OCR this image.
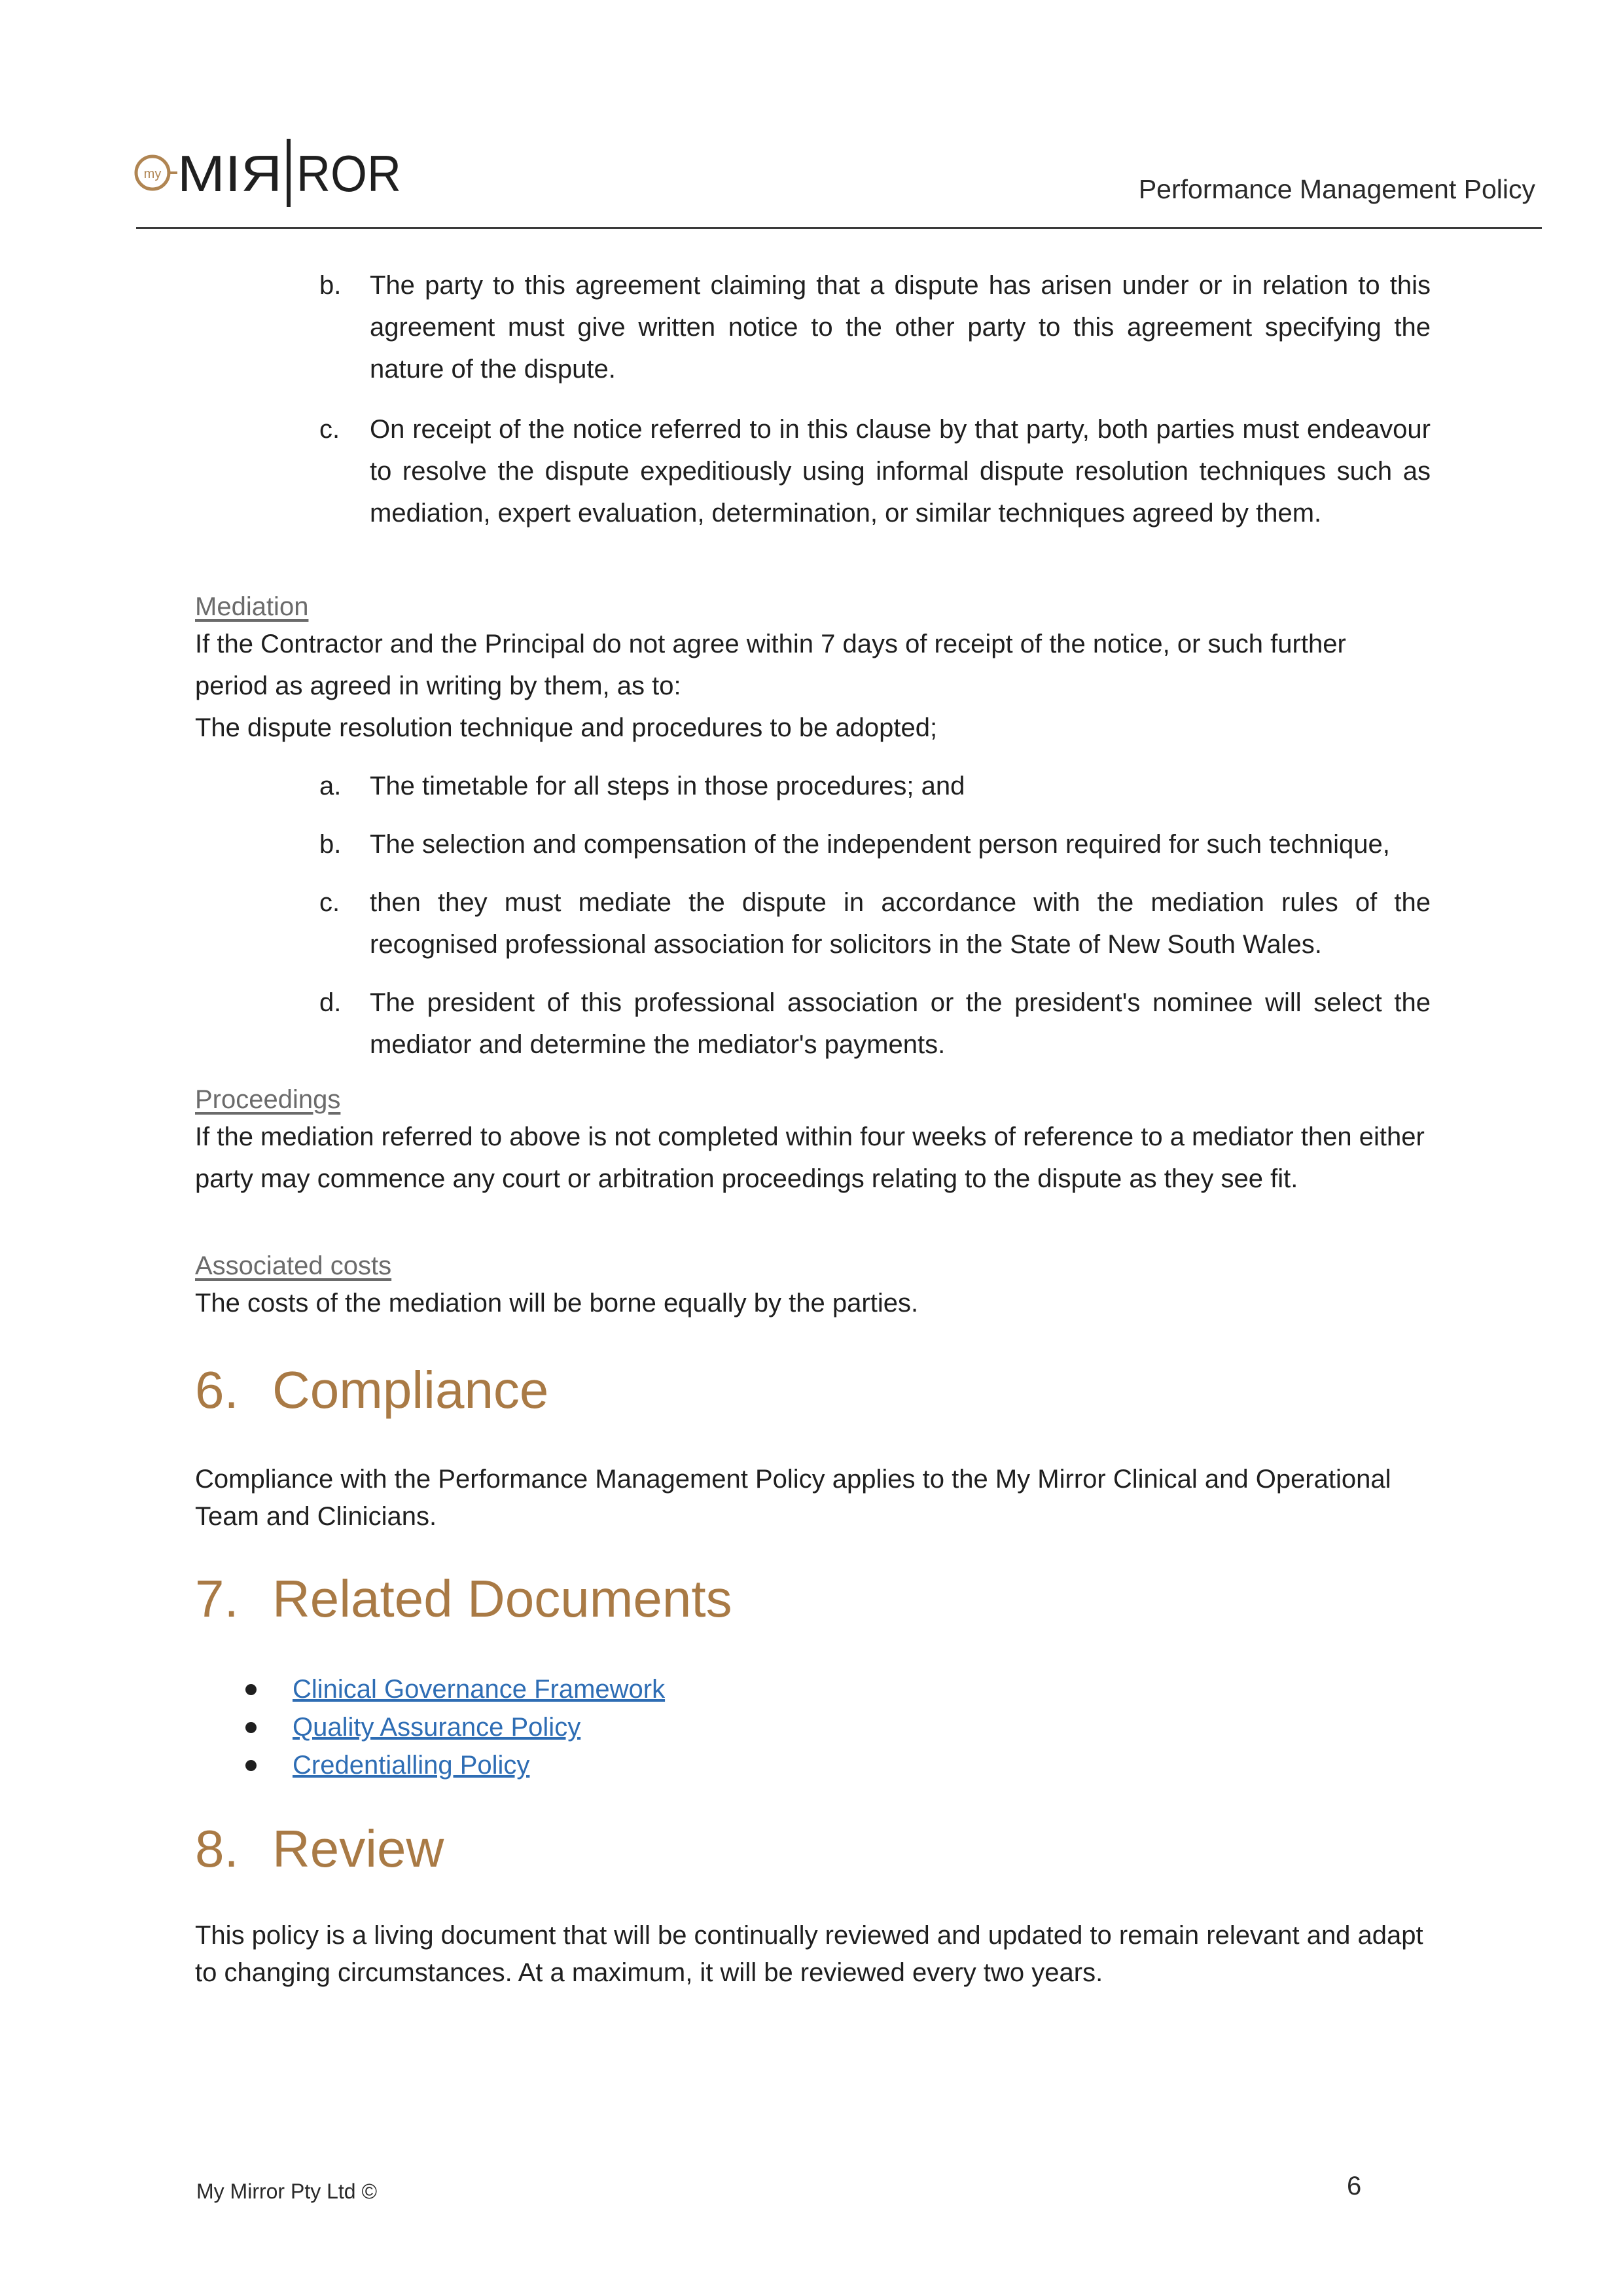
my MIЯ ROR	Performance Management Policy
b. The party to this agreement claiming that a dispute has arisen under or in relation to this agreement must give written notice to the other party to this agreement specifying the nature of the dispute.
c. On receipt of the notice referred to in this clause by that party, both parties must endeavour to resolve the dispute expeditiously using informal dispute resolution techniques such as mediation, expert evaluation, determination, or similar techniques agreed by them.
Mediation
If the Contractor and the Principal do not agree within 7 days of receipt of the notice, or such further period as agreed in writing by them, as to:
The dispute resolution technique and procedures to be adopted;
a. The timetable for all steps in those procedures; and
b. The selection and compensation of the independent person required for such technique,
c. then they must mediate the dispute in accordance with the mediation rules of the recognised professional association for solicitors in the State of New South Wales.
d. The president of this professional association or the president's nominee will select the mediator and determine the mediator's payments.
Proceedings
If the mediation referred to above is not completed within four weeks of reference to a mediator then either party may commence any court or arbitration proceedings relating to the dispute as they see fit.
Associated costs
The costs of the mediation will be borne equally by the parties.
6. Compliance
Compliance with the Performance Management Policy applies to the My Mirror Clinical and Operational Team and Clinicians.
7. Related Documents
Clinical Governance Framework
Quality Assurance Policy
Credentialling Policy
8. Review
This policy is a living document that will be continually reviewed and updated to remain relevant and adapt to changing circumstances. At a maximum, it will be reviewed every two years.
My Mirror Pty Ltd ©	6
